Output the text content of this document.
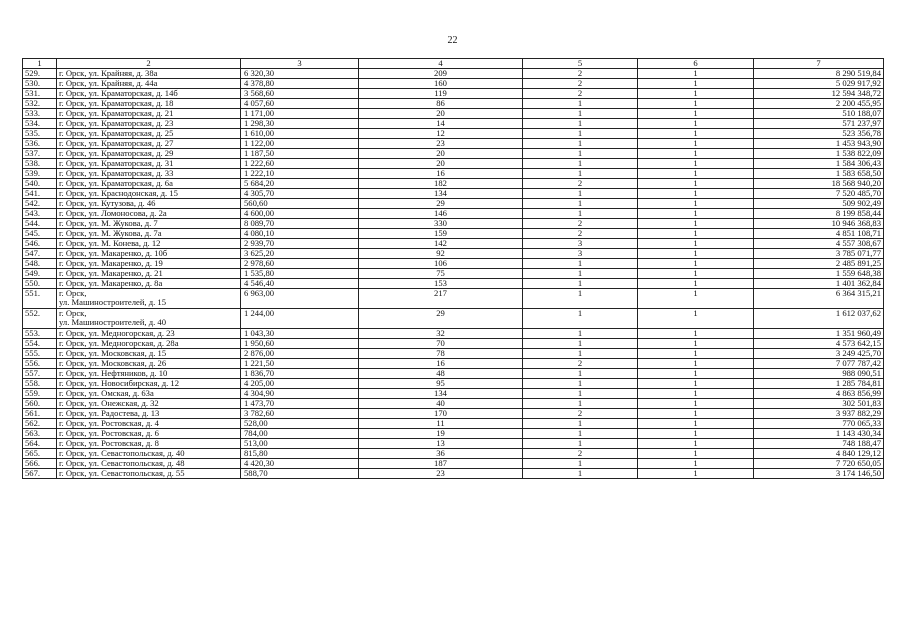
22
1	2	3	4	5	6	7
529.	г. Орск, ул. Крайняя, д. 38а	6 320,30	209	2	1	8 290 519,84
530.	г. Орск, ул. Крайняя, д. 44а	4 378,80	160	2	1	5 029 917,92
531.	г. Орск, ул. Краматорская, д. 14б	3 568,60	119	2	1	12 594 348,72
532.	г. Орск, ул. Краматорская, д. 18	4 057,60	86	1	1	2 200 455,95
533.	г. Орск, ул. Краматорская, д. 21	1 171,00	20	1	1	510 188,07
534.	г. Орск, ул. Краматорская, д. 23	1 298,30	14	1	1	571 237,97
535.	г. Орск, ул. Краматорская, д. 25	1 610,00	12	1	1	523 356,78
536.	г. Орск, ул. Краматорская, д. 27	1 122,00	23	1	1	1 453 943,90
537.	г. Орск, ул. Краматорская, д. 29	1 187,50	20	1	1	1 538 822,09
538.	г. Орск, ул. Краматорская, д. 31	1 222,60	20	1	1	1 584 306,43
539.	г. Орск, ул. Краматорская, д. 33	1 222,10	16	1	1	1 583 658,50
540.	г. Орск, ул. Краматорская, д. 6а	5 684,20	182	2	1	18 568 940,20
541.	г. Орск, ул. Краснодонская, д. 15	4 305,70	134	1	1	7 520 485,70
542.	г. Орск, ул. Кутузова, д. 46	560,60	29	1	1	509 902,49
543.	г. Орск, ул. Ломоносова, д. 2а	4 600,00	146	1	1	8 199 858,44
544.	г. Орск, ул. М. Жукова, д. 7	8 089,70	330	2	1	10 946 368,83
545.	г. Орск, ул. М. Жукова, д. 7а	4 080,10	159	2	1	4 851 108,71
546.	г. Орск, ул. М. Конева, д. 12	2 939,70	142	3	1	4 557 308,67
547.	г. Орск, ул. Макаренко, д. 10б	3 625,20	92	3	1	3 785 071,77
548.	г. Орск, ул. Макаренко, д. 19	2 978,60	106	1	1	2 485 891,25
549.	г. Орск, ул. Макаренко, д. 21	1 535,80	75	1	1	1 559 648,38
550.	г. Орск, ул. Макаренко, д. 8а	4 546,40	153	1	1	1 401 362,84
551.	г. Орск,
ул. Машиностроителей, д. 15	6 963,00	217	1	1	6 364 315,21
552.	г. Орск,
ул. Машиностроителей, д. 40	1 244,00	29	1	1	1 612 037,62
553.	г. Орск, ул. Медногорская, д. 23	1 043,30	32	1	1	1 351 960,49
554.	г. Орск, ул. Медногорская, д. 28а	1 950,60	70	1	1	4 573 642,15
555.	г. Орск, ул. Московская, д. 15	2 876,00	78	1	1	3 249 425,70
556.	г. Орск, ул. Московская, д. 26	1 221,50	16	2	1	7 077 787,42
557.	г. Орск, ул. Нефтяников, д. 10	1 836,70	48	1	1	988 090,51
558.	г. Орск, ул. Новосибирская, д. 12	4 205,00	95	1	1	1 285 784,81
559.	г. Орск, ул. Омская, д. 63а	4 304,90	134	1	1	4 863 856,99
560.	г. Орск, ул. Онежская, д. 32	1 473,70	40	1	1	302 501,83
561.	г. Орск, ул. Радостева, д. 13	3 782,60	170	2	1	3 937 882,29
562.	г. Орск, ул. Ростовская, д. 4	528,00	11	1	1	770 065,33
563.	г. Орск, ул. Ростовская, д. 6	784,00	19	1	1	1 143 430,34
564.	г. Орск, ул. Ростовская, д. 8	513,00	13	1	1	748 188,47
565.	г. Орск, ул. Севастопольская, д. 40	815,80	36	2	1	4 840 129,12
566.	г. Орск, ул. Севастопольская, д. 48	4 420,30	187	1	1	7 720 650,05
567.	г. Орск, ул. Севастопольская, д. 55	588,70	23	1	1	3 174 146,50
